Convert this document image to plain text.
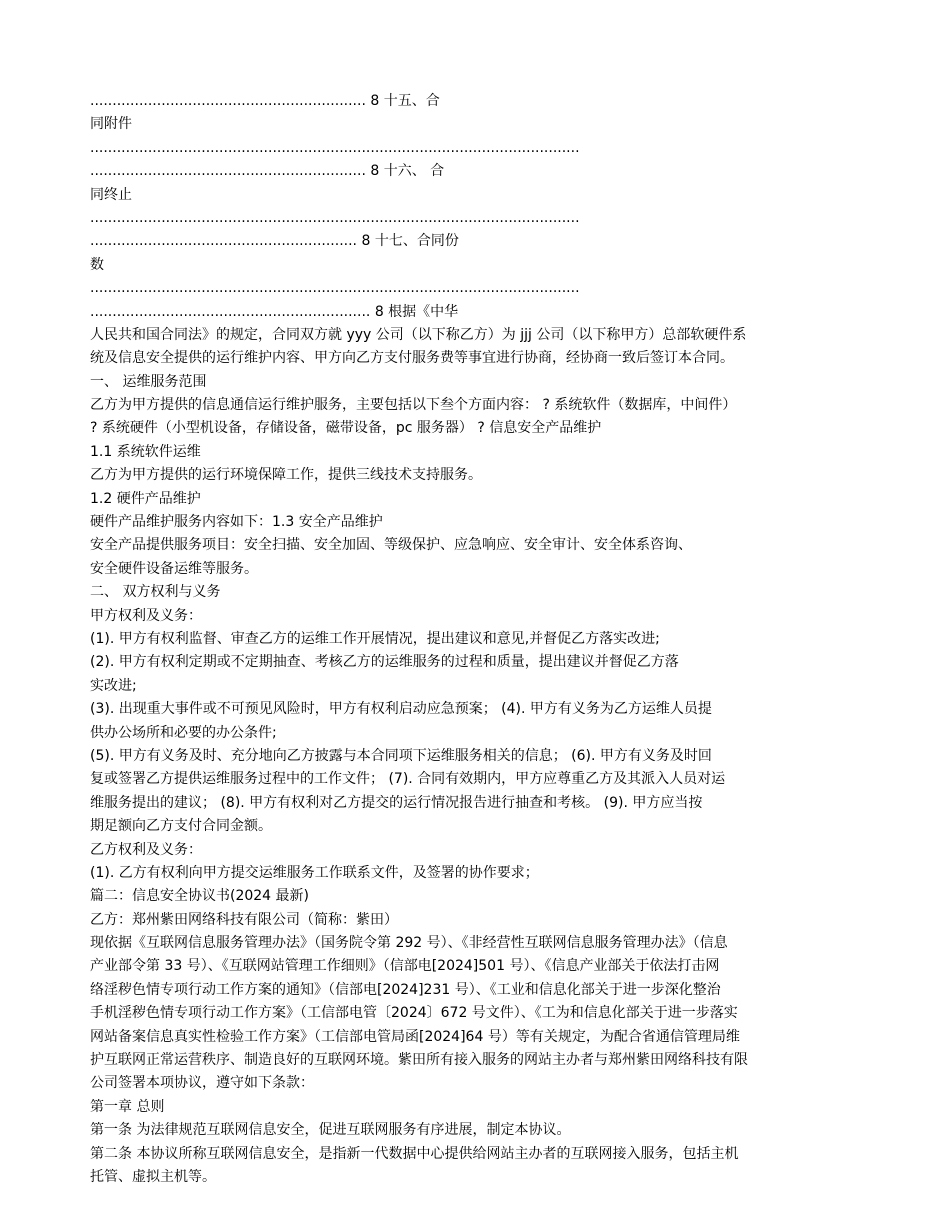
.............................................................. 8 十五、合
同附件
..............................................................................................................
.............................................................. 8 十六、 合
同终止
..............................................................................................................
............................................................ 8 十七、合同份
数
..............................................................................................................
............................................................... 8 根据《中华
人民共和国合同法》的规定，合同双方就 yyy 公司（以下称乙方）为 jjj 公司（以下称甲方）总部软硬件系
统及信息安全提供的运行维护内容、甲方向乙方支付服务费等事宜进行协商，经协商一致后签订本合同。
一、 运维服务范围
乙方为甲方提供的信息通信运行维护服务，主要包括以下叁个方面内容： ? 系统软件（数据库，中间件）
? 系统硬件（小型机设备，存储设备，磁带设备，pc 服务器） ? 信息安全产品维护
1.1 系统软件运维
乙方为甲方提供的运行环境保障工作，提供三线技术支持服务。
1.2 硬件产品维护
硬件产品维护服务内容如下：1.3 安全产品维护
安全产品提供服务项目：安全扫描、安全加固、等级保护、应急响应、安全审计、安全体系咨询、
安全硬件设备运维等服务。
二、 双方权利与义务
甲方权利及义务：
(1). 甲方有权利监督、审查乙方的运维工作开展情况，提出建议和意见,并督促乙方落实改进;
(2). 甲方有权利定期或不定期抽查、考核乙方的运维服务的过程和质量，提出建议并督促乙方落
实改进;
(3). 出现重大事件或不可预见风险时，甲方有权利启动应急预案； (4). 甲方有义务为乙方运维人员提
供办公场所和必要的办公条件;
(5). 甲方有义务及时、充分地向乙方披露与本合同项下运维服务相关的信息； (6). 甲方有义务及时回
复或签署乙方提供运维服务过程中的工作文件； (7). 合同有效期内，甲方应尊重乙方及其派入人员对运
维服务提出的建议； (8). 甲方有权利对乙方提交的运行情况报告进行抽查和考核。 (9). 甲方应当按
期足额向乙方支付合同金额。
乙方权利及义务：
(1). 乙方有权利向甲方提交运维服务工作联系文件，及签署的协作要求；
篇二：信息安全协议书(2024 最新)
乙方：郑州紫田网络科技有限公司（简称：紫田）
现依据《互联网信息服务管理办法》（国务院令第 292 号）、《非经营性互联网信息服务管理办法》（信息
产业部令第 33 号）、《互联网站管理工作细则》（信部电[2024]501 号）、《信息产业部关于依法打击网
络淫秽色情专项行动工作方案的通知》（信部电[2024]231 号）、《工业和信息化部关于进一步深化整治
手机淫秽色情专项行动工作方案》（工信部电管〔2024〕672 号文件）、《工为和信息化部关于进一步落实
网站备案信息真实性检验工作方案》（工信部电管局函[2024]64 号）等有关规定，为配合省通信管理局维
护互联网正常运营秩序、制造良好的互联网环境。紫田所有接入服务的网站主办者与郑州紫田网络科技有限
公司签署本项协议，遵守如下条款：
第一章 总则
第一条 为法律规范互联网信息安全，促进互联网服务有序进展，制定本协议。
第二条 本协议所称互联网信息安全，是指新一代数据中心提供给网站主办者的互联网接入服务，包括主机
托管、虚拟主机等。
